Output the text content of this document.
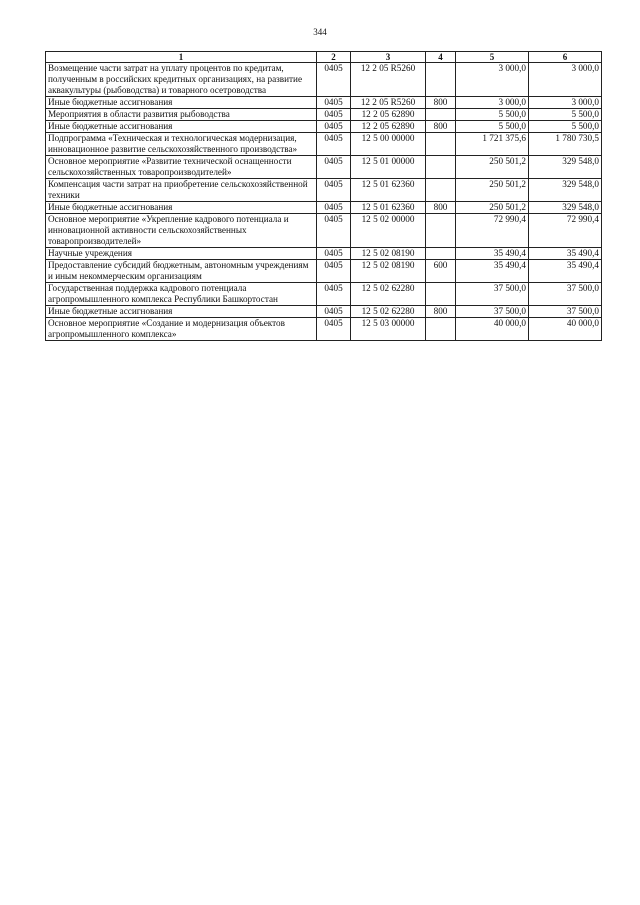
344
1	2	3	4	5	6
Возмещение части затрат на уплату процентов по кредитам, полученным в российских кредитных организациях, на развитие аквакультуры (рыбоводства) и товарного осетроводства	0405	12 2 05 R5260		3 000,0	3 000,0
Иные бюджетные ассигнования	0405	12 2 05 R5260	800	3 000,0	3 000,0
Мероприятия в области развития рыбоводства	0405	12 2 05 62890		5 500,0	5 500,0
Иные бюджетные ассигнования	0405	12 2 05 62890	800	5 500,0	5 500,0
Подпрограмма «Техническая и технологическая модернизация, инновационное развитие сельскохозяйственного производства»	0405	12 5 00 00000		1 721 375,6	1 780 730,5
Основное мероприятие «Развитие технической оснащенности сельскохозяйственных товаропроизводителей»	0405	12 5 01 00000		250 501,2	329 548,0
Компенсация части затрат на приобретение сельскохозяйственной техники	0405	12 5 01 62360		250 501,2	329 548,0
Иные бюджетные ассигнования	0405	12 5 01 62360	800	250 501,2	329 548,0
Основное мероприятие «Укрепление кадрового потенциала и инновационной активности сельскохозяйственных товаропроизводителей»	0405	12 5 02 00000		72 990,4	72 990,4
Научные учреждения	0405	12 5 02 08190		35 490,4	35 490,4
Предоставление субсидий бюджетным, автономным учреждениям и иным некоммерческим организациям	0405	12 5 02 08190	600	35 490,4	35 490,4
Государственная поддержка кадрового потенциала агропромышленного комплекса Республики Башкортостан	0405	12 5 02 62280		37 500,0	37 500,0
Иные бюджетные ассигнования	0405	12 5 02 62280	800	37 500,0	37 500,0
Основное мероприятие «Создание и модернизация объектов агропромышленного комплекса»	0405	12 5 03 00000		40 000,0	40 000,0
